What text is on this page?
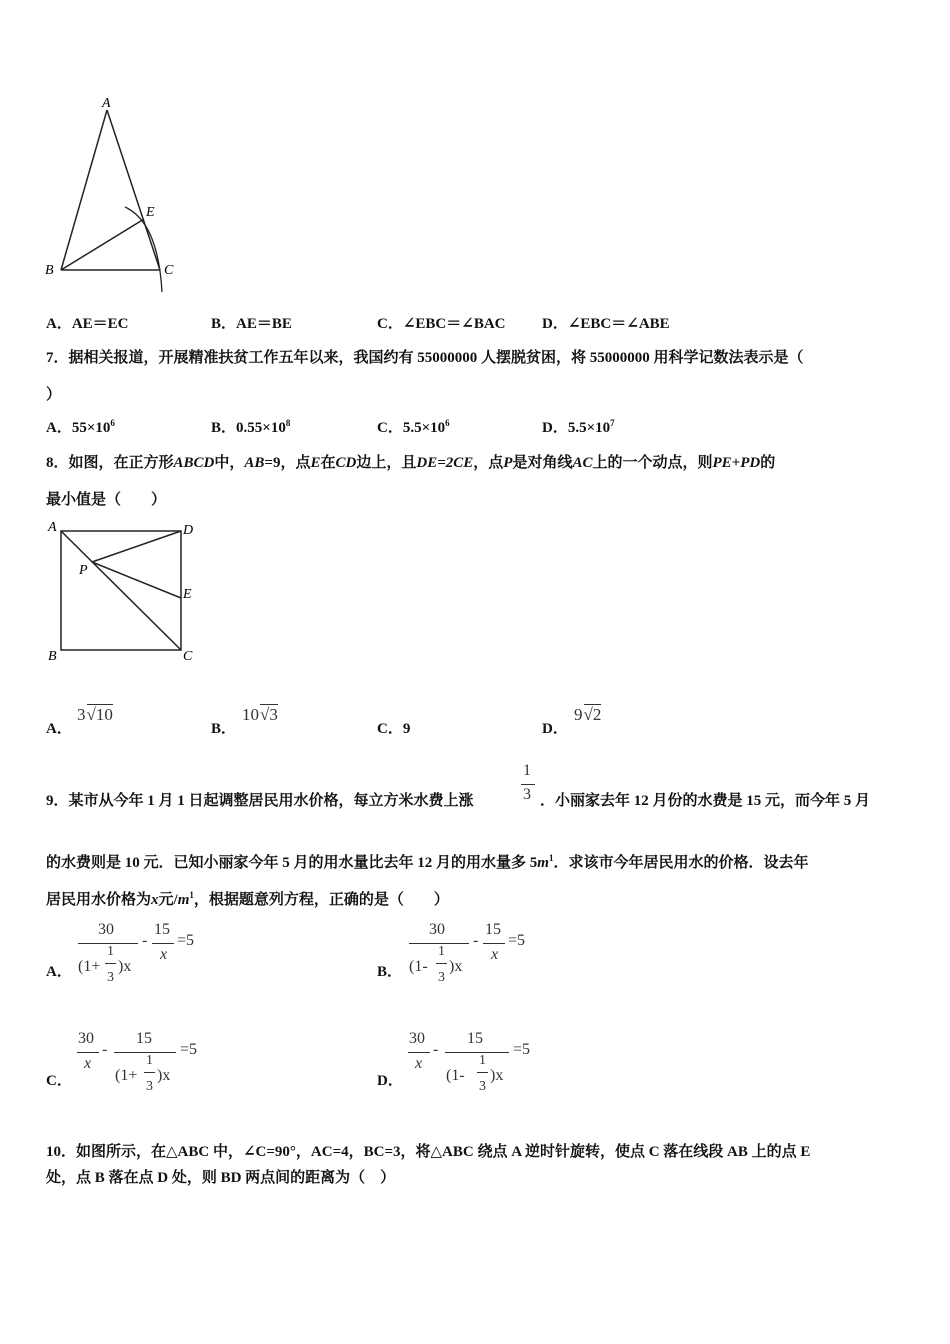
A
E
B	C
A．AE＝EC	B．AE＝BE	C．∠EBC＝∠BAC D．∠EBC＝∠ABE
7．据相关报道，开展精准扶贫工作五年以来，我国约有 55000000 人摆脱贫困，将 55000000 用科学记数法表示是（
）
A．$55\times 10^6$	B．$0.55\times 10^8$	C．$5.5\times 10^6$	D．$5.5\times 10^7$
8．如图，在正方形ABCD中，AB=9，点E在CD边上，且DE=2CE，点P是对角线AC上的一个动点，则PE+PD的
最小值是（　　）
A	D
P
E
B	C
A．
3√10
B．
10√3
C．9	D．
9√2
9．某市从今年 1 月 1 日起调整居民用水价格，每立方米水费上涨
1
3 ．小丽家去年 12 月份的水费是 15 元，而今年 5 月
的水费则是 10 元．已知小丽家今年 5 月的用水量比去年 12 月的用水量多 $5m^1$．求该市今年居民用水的价格．设去年
居民用水价格为x元$/m^1$，根据题意列方程，正确的是（　　）
A．
30
(1+
1
3
)x
-
15
x
=5
B．
30
(1-
1
3
)x
-
15
x
=5
C．
30
x
-
15
(1+
1
3
)x
=5
D．
30
x
-
15
(1-
1
3
)x
=5
10．如图所示，在△ABC 中，∠C=90°，AC=4，BC=3，将△ABC 绕点 A 逆时针旋转，使点 C 落在线段 AB 上的点 E
处，点 B 落在点 D 处，则 BD 两点间的距离为（　）
